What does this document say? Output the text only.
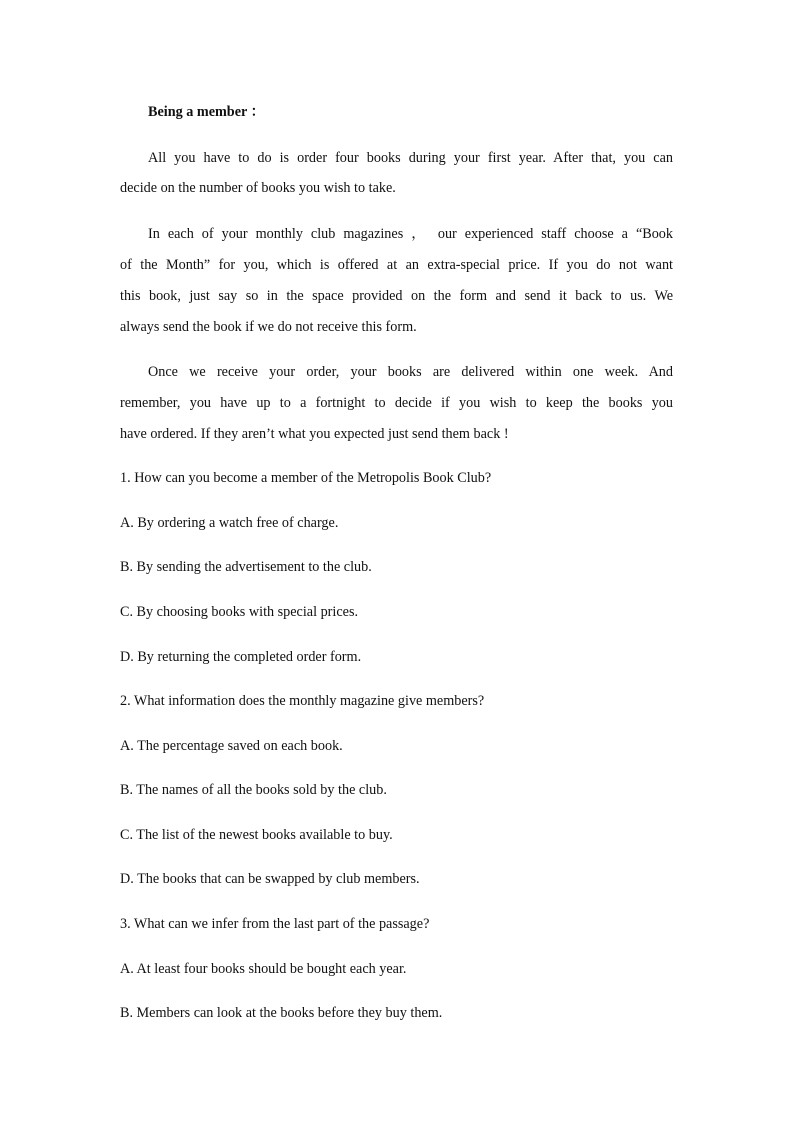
Being a member ：
All you have to do is order four books during your first year. After that, you can
decide on the number of books you wish to take.
In each of your monthly club magazines ， our experienced staff choose a “Book
of the Month” for you, which is offered at an extra-special price. If you do not want
this book, just say so in the space provided on the form and send it back to us. We
always send the book if we do not receive this form.
Once we receive your order, your books are delivered within one week. And
remember, you have up to a fortnight to decide if you wish to keep the books you
have ordered. If they aren’t what you expected just send them back !
1. How can you become a member of the Metropolis Book Club?
A. By ordering a watch free of charge.
B. By sending the advertisement to the club.
C. By choosing books with special prices.
D. By returning the completed order form.
2. What information does the monthly magazine give members?
A. The percentage saved on each book.
B. The names of all the books sold by the club.
C. The list of the newest books available to buy.
D. The books that can be swapped by club members.
3. What can we infer from the last part of the passage?
A. At least four books should be bought each year.
B. Members can look at the books before they buy them.
